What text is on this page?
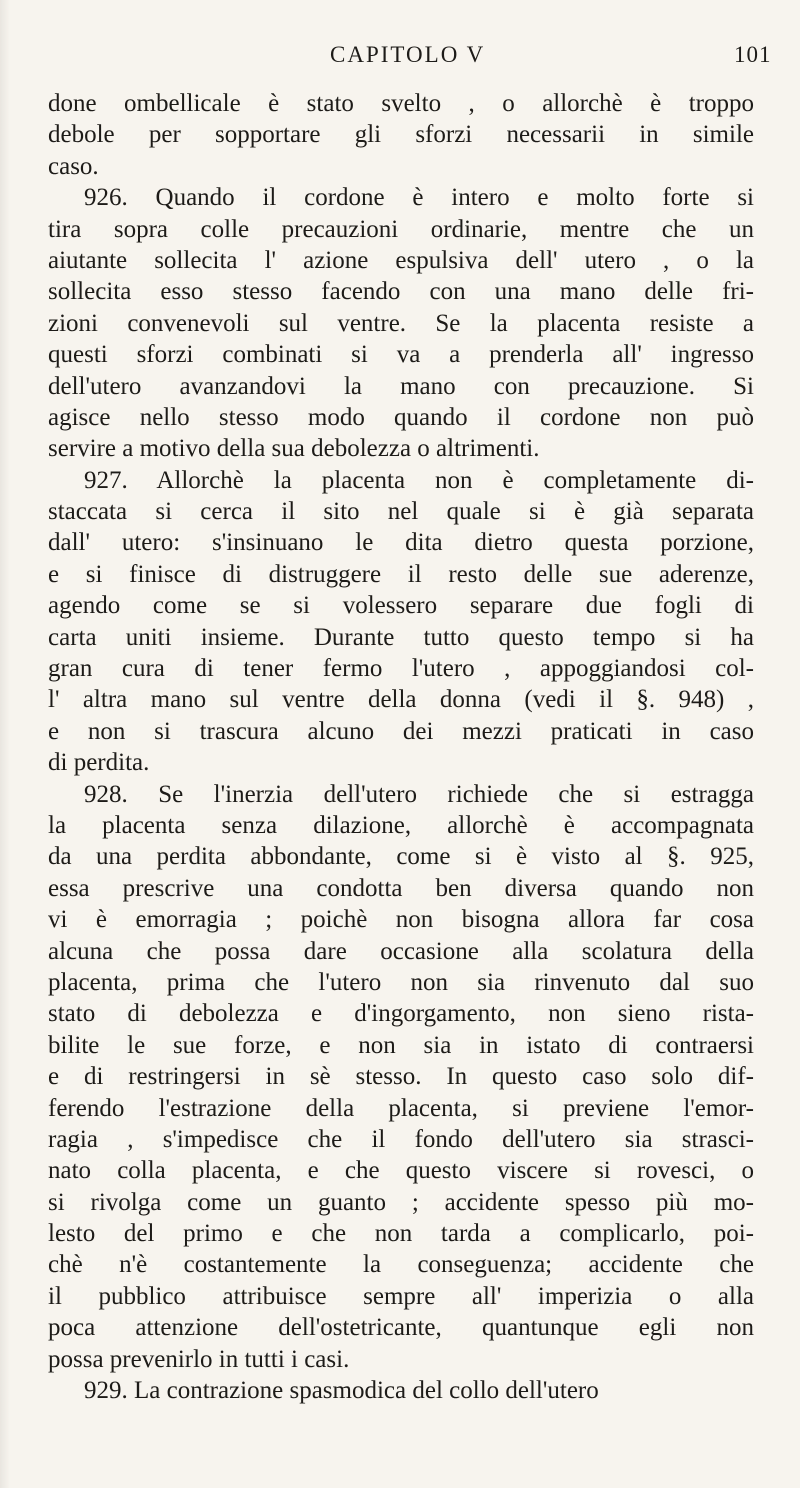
CAPITOLO V	101
done ombellicale è stato svelto , o allorchè è troppo
debole per sopportare gli sforzi necessarii in simile
caso.
926. Quando il cordone è intero e molto forte si
tira sopra colle precauzioni ordinarie, mentre che un
aiutante sollecita l' azione espulsiva dell' utero , o la
sollecita esso stesso facendo con una mano delle fri-
zioni convenevoli sul ventre. Se la placenta resiste a
questi sforzi combinati si va a prenderla all' ingresso
dell'utero avanzandovi la mano con precauzione. Si
agisce nello stesso modo quando il cordone non può
servire a motivo della sua debolezza o altrimenti.
927. Allorchè la placenta non è completamente di-
staccata si cerca il sito nel quale si è già separata
dall' utero: s'insinuano le dita dietro questa porzione,
e si finisce di distruggere il resto delle sue aderenze,
agendo come se si volessero separare due fogli di
carta uniti insieme. Durante tutto questo tempo si ha
gran cura di tener fermo l'utero , appoggiandosi col-
l' altra mano sul ventre della donna (vedi il §. 948) ,
e non si trascura alcuno dei mezzi praticati in caso
di perdita.
928. Se l'inerzia dell'utero richiede che si estragga
la placenta senza dilazione, allorchè è accompagnata
da una perdita abbondante, come si è visto al §. 925,
essa prescrive una condotta ben diversa quando non
vi è emorragia ; poichè non bisogna allora far cosa
alcuna che possa dare occasione alla scolatura della
placenta, prima che l'utero non sia rinvenuto dal suo
stato di debolezza e d'ingorgamento, non sieno rista-
bilite le sue forze, e non sia in istato di contraersi
e di restringersi in sè stesso. In questo caso solo dif-
ferendo l'estrazione della placenta, si previene l'emor-
ragia , s'impedisce che il fondo dell'utero sia strasci-
nato colla placenta, e che questo viscere si rovesci, o
si rivolga come un guanto ; accidente spesso più mo-
lesto del primo e che non tarda a complicarlo, poi-
chè n'è costantemente la conseguenza; accidente che
il pubblico attribuisce sempre all' imperizia o alla
poca attenzione dell'ostetricante, quantunque egli non
possa prevenirlo in tutti i casi.
929. La contrazione spasmodica del collo dell'utero
